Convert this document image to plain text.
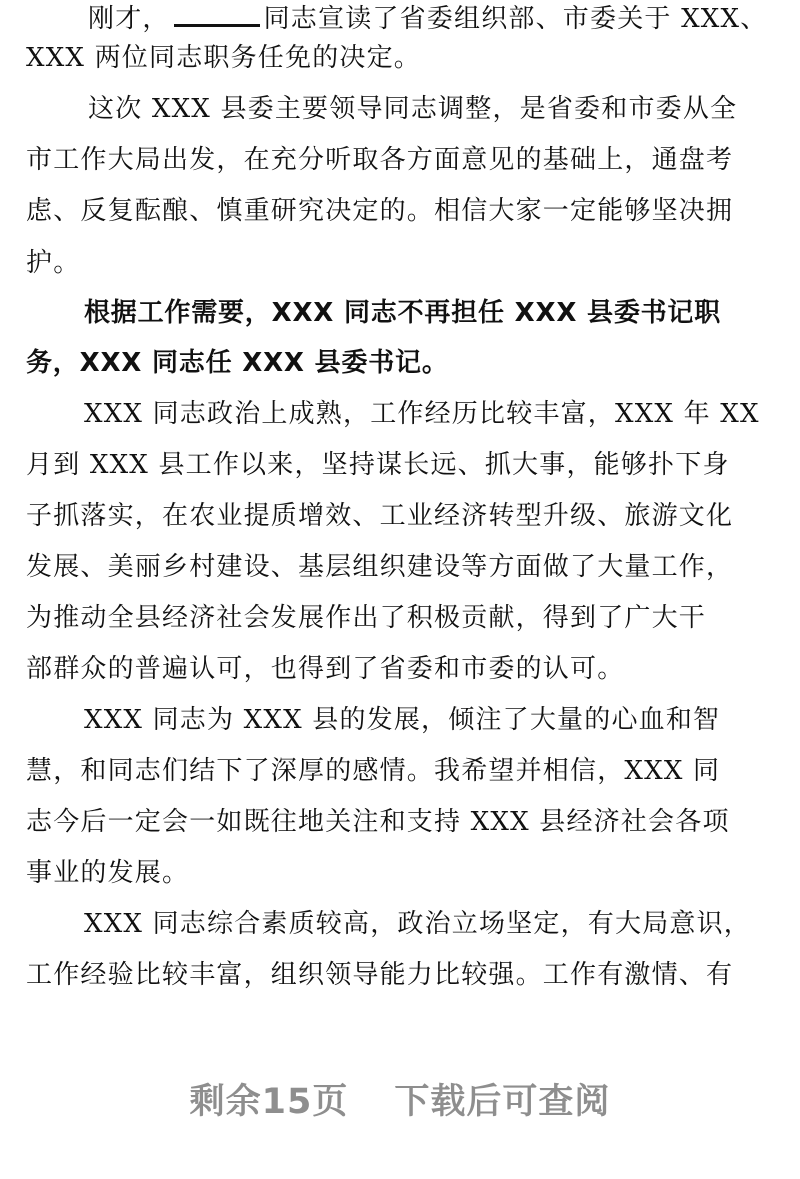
刚才，	同志宣读了省委组织部、市委关于 XXX、
XXX 两位同志职务任免的决定。
这次 XXX 县委主要领导同志调整，是省委和市委从全
市工作大局出发，在充分听取各方面意见的基础上，通盘考
虑、反复酝酿、慎重研究决定的。相信大家一定能够坚决拥
护。
根据工作需要，XXX 同志不再担任 XXX 县委书记职
务，XXX 同志任 XXX 县委书记。
XXX 同志政治上成熟，工作经历比较丰富，XXX 年 XX
月到 XXX 县工作以来，坚持谋长远、抓大事，能够扑下身
子抓落实，在农业提质增效、工业经济转型升级、旅游文化
发展、美丽乡村建设、基层组织建设等方面做了大量工作，
为推动全县经济社会发展作出了积极贡献，得到了广大干
部群众的普遍认可，也得到了省委和市委的认可。
XXX 同志为 XXX 县的发展，倾注了大量的心血和智
慧，和同志们结下了深厚的感情。我希望并相信，XXX 同
志今后一定会一如既往地关注和支持 XXX 县经济社会各项
事业的发展。
XXX 同志综合素质较高，政治立场坚定，有大局意识，
工作经验比较丰富，组织领导能力比较强。工作有激情、有
剩余15页 下载后可查阅
